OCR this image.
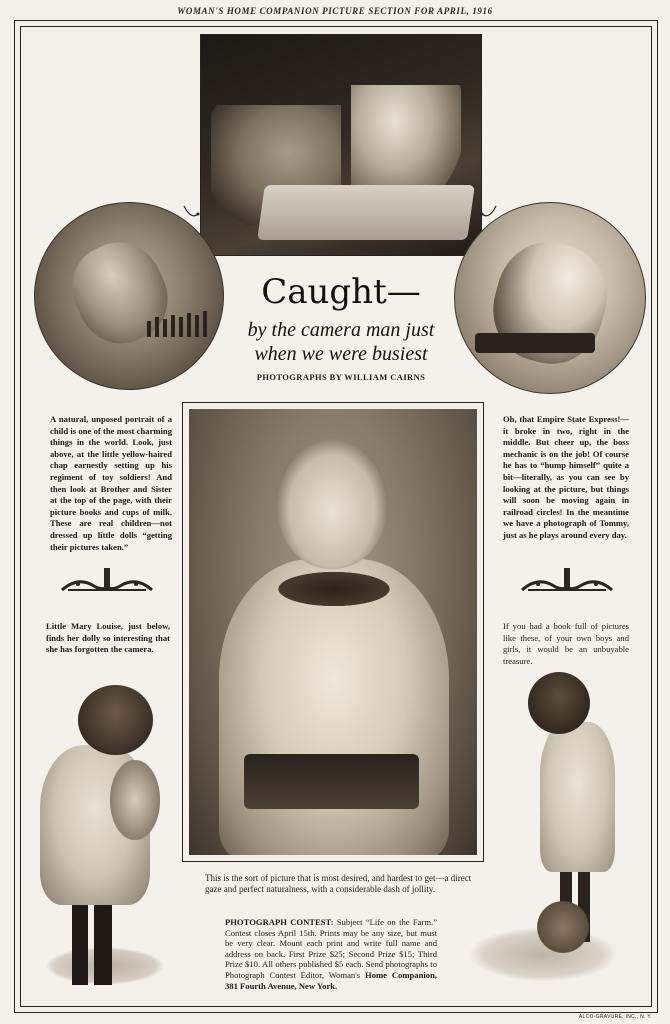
WOMAN'S HOME COMPANION PICTURE SECTION FOR APRIL, 1916
Caught—
by the camera man just
when we were busiest
PHOTOGRAPHS BY WILLIAM CAIRNS
A natural, unposed portrait of a child is one of the most charming things in the world. Look, just above, at the little yellow-haired chap earnestly setting up his regiment of toy soldiers! And then look at Brother and Sister at the top of the page, with their picture books and cups of milk. These are real children—not dressed up little dolls “getting their pictures taken.”
Oh, that Empire State Express!—it broke in two, right in the middle. But cheer up, the boss mechanic is on the job! Of course he has to “hump himself” quite a bit—literally, as you can see by looking at the picture, but things will soon be moving again in railroad circles! In the meantime we have a photograph of Tommy, just as he plays around every day.
Little Mary Louise, just below, finds her dolly so interesting that she has forgotten the camera.
If you had a book full of pictures like these, of your own boys and girls, it would be an unbuyable treasure.
This is the sort of picture that is most desired, and hardest to get—a direct gaze and perfect naturalness, with a considerable dash of jollity.
PHOTOGRAPH CONTEST: Subject “Life on the Farm.” Contest closes April 15th. Prints may be any size, but must be very clear. Mount each print and write full name and address on back. First Prize $25; Second Prize $15; Third Prize $10. All others published $5 each. Send photographs to Photograph Contest Editor, Woman's Home Companion, 381 Fourth Avenue, New York.
ALCO-GRAVURE, INC., N. Y.
